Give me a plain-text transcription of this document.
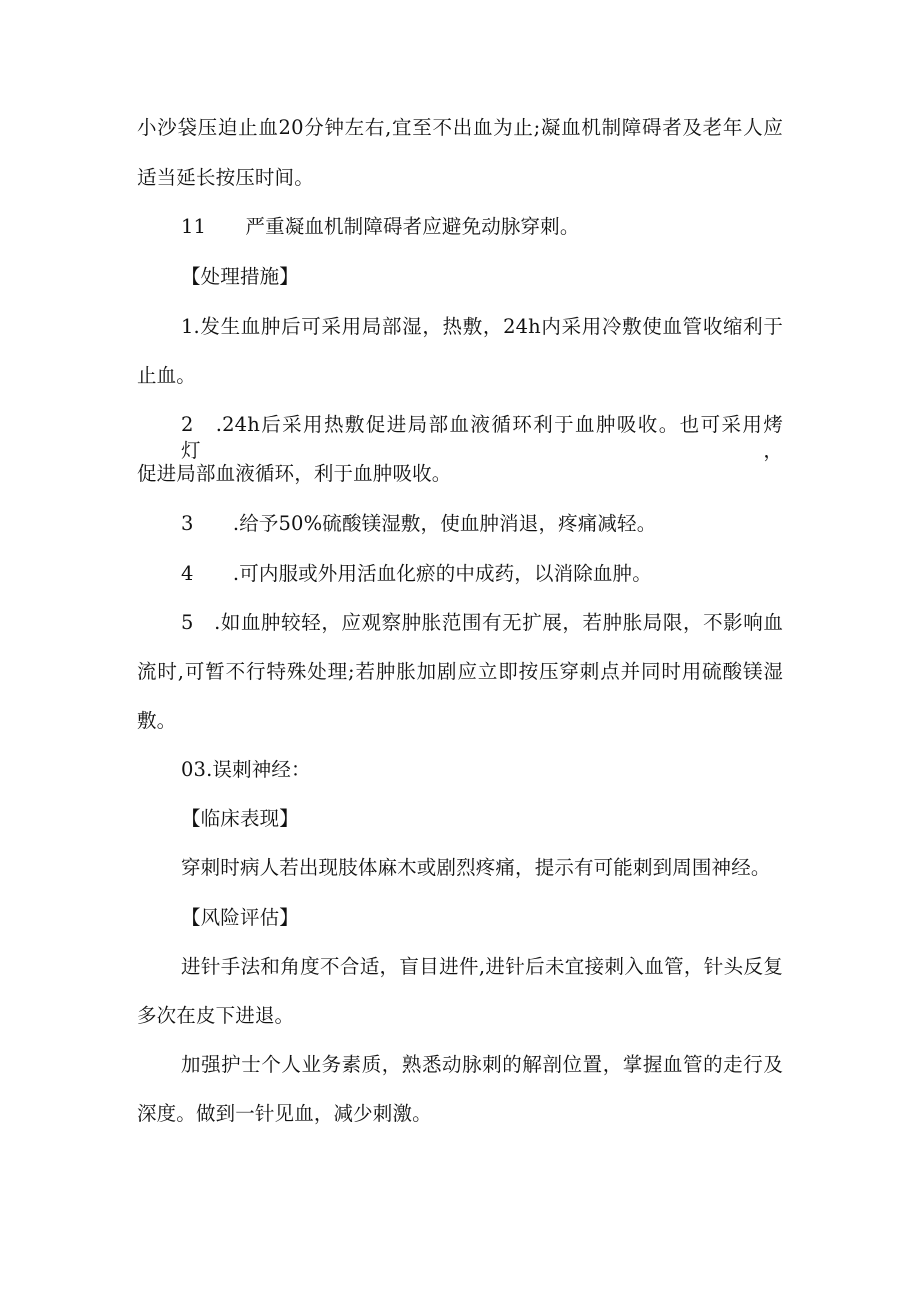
小沙袋压迫止血20分钟左右,宜至不出血为止;凝血机制障碍者及老年人应

适当延长按压时间。

11　　严重凝血机制障碍者应避免动脉穿刺。

【处理措施】

1.发生血肿后可采用局部湿，热敷，24h内采用冷敷使血管收缩利于

止血。

2　.24h后采用热敷促进局部血液循环利于血肿吸收。也可采用烤灯，

促进局部血液循环，利于血肿吸收。

3　　.给予50%硫酸镁湿敷，使血肿消退，疼痛减轻。

4　　.可内服或外用活血化瘀的中成药，以消除血肿。

5　.如血肿较轻，应观察肿胀范围有无扩展，若肿胀局限，不影响血

流时,可暂不行特殊处理;若肿胀加剧应立即按压穿刺点并同时用硫酸镁湿

敷。

03.误刺神经：

【临床表现】

穿刺时病人若出现肢体麻木或剧烈疼痛，提示有可能刺到周围神经。

【风险评估】

进针手法和角度不合适，盲目进件,进针后未宜接刺入血管，针头反复

多次在皮下进退。

加强护士个人业务素质，熟悉动脉刺的解剖位置，掌握血管的走行及

深度。做到一针见血，减少刺激。
